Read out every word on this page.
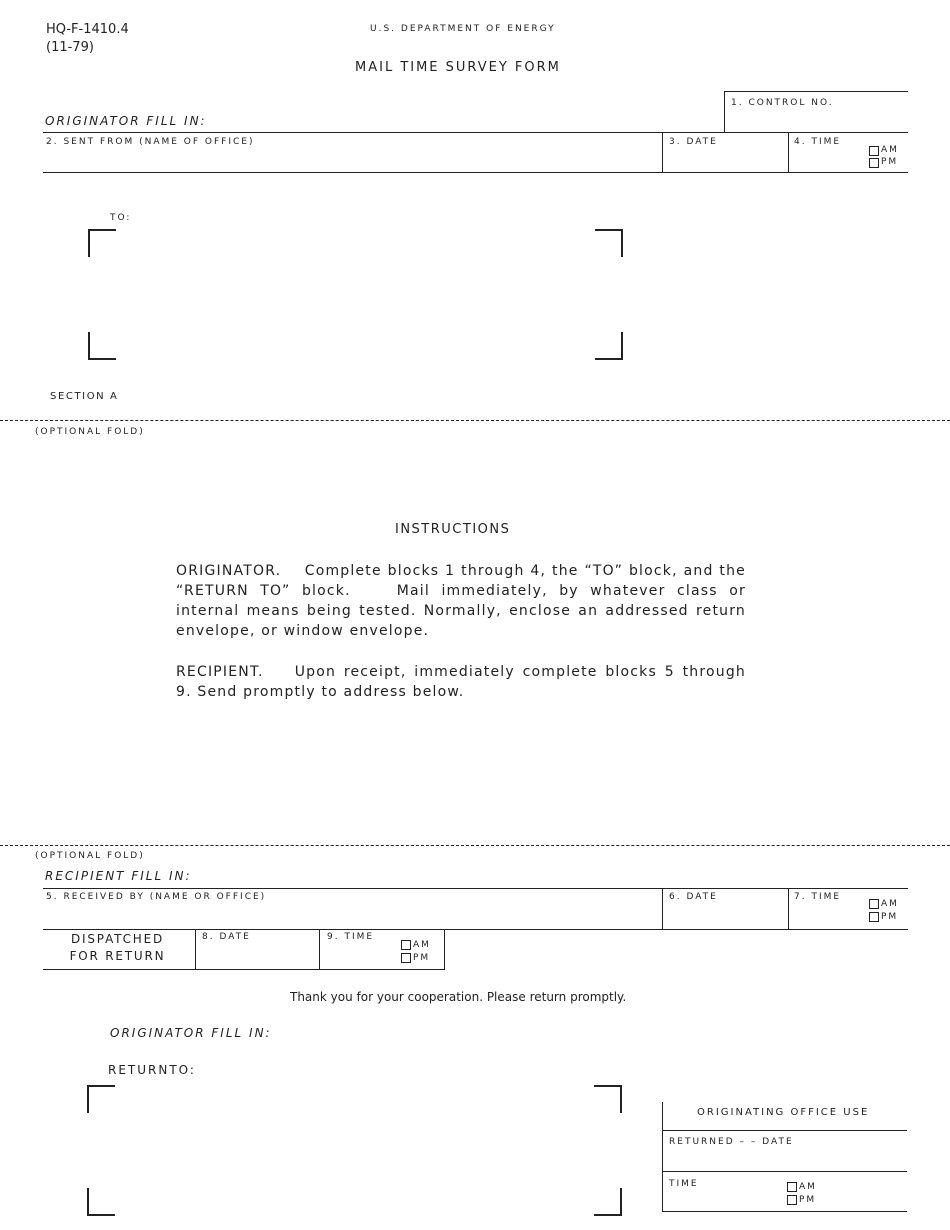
HQ-F-1410.4
(11-79)
U.S. DEPARTMENT OF ENERGY
MAIL TIME SURVEY FORM
ORIGINATOR FILL IN:
1. CONTROL NO.
2. SENT FROM (NAME OF OFFICE)	3. DATE	4. TIME
AM
PM
TO:
SECTION A
(OPTIONAL FOLD)
INSTRUCTIONS

ORIGINATOR.    Complete blocks 1 through 4, the “TO” block, and the “RETURN TO” block.    Mail immediately, by whatever class or internal means being tested. Normally, enclose an addressed return envelope, or window envelope.

RECIPIENT.    Upon receipt, immediately complete blocks 5 through 9. Send promptly to address below.

(OPTIONAL FOLD)
RECIPIENT FILL IN:
5. RECEIVED BY (NAME OR OFFICE)	6. DATE	7. TIME
AM
PM
DISPATCHED
FOR RETURN
8. DATE	9. TIME
AM
PM
Thank you for your cooperation. Please return promptly.
ORIGINATOR FILL IN:
RETURNTO:
ORIGINATING OFFICE USE
RETURNED – – DATE
TIME	AM
PM
